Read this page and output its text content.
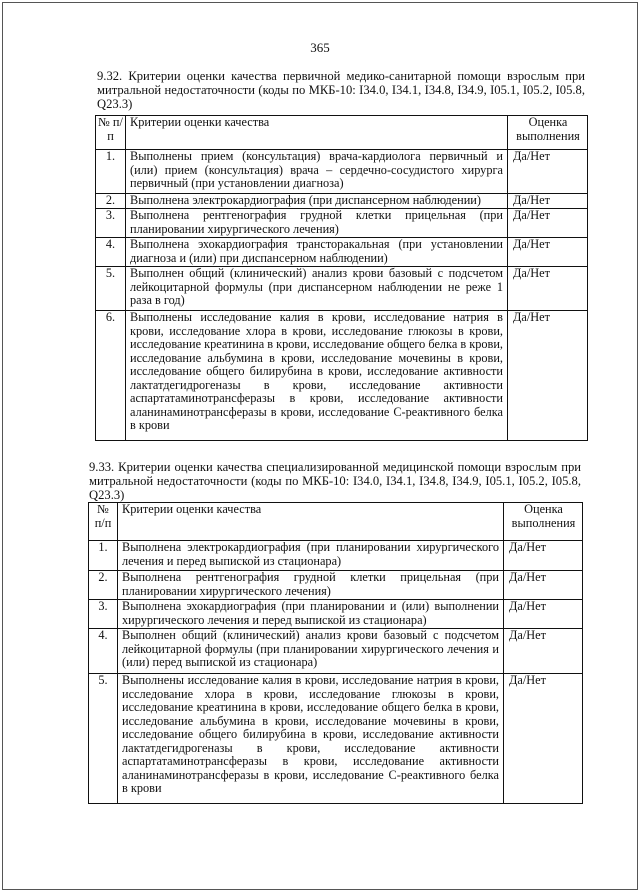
365

9.32. Критерии оценки качества первичной медико-санитарной помощи взрослым при митральной недостаточности (коды по МКБ-10: I34.0, I34.1, I34.8, I34.9, I05.1, I05.2, I05.8, Q23.3)

№ п/п	Критерии оценки качества	Оценка выполнения
1.	Выполнены прием (консультация) врача-кардиолога первичный и (или) прием (консультация) врача – сердечно-сосудистого хирурга первичный (при установлении диагноза)	Да/Нет
2.	Выполнена электрокардиография (при диспансерном наблюдении)	Да/Нет
3.	Выполнена рентгенография грудной клетки прицельная (при планировании хирургического лечения)	Да/Нет
4.	Выполнена эхокардиография трансторакальная (при установлении диагноза и (или) при диспансерном наблюдении)	Да/Нет
5.	Выполнен общий (клинический) анализ крови базовый с подсчетом лейкоцитарной формулы (при диспансерном наблюдении не реже 1 раза в год)	Да/Нет
6.	Выполнены исследование калия в крови, исследование натрия в крови, исследование хлора в крови, исследование глюкозы в крови, исследование креатинина в крови, исследование общего белка в крови, исследование альбумина в крови, исследование мочевины в крови, исследование общего билирубина в крови, исследование активности лактатдегидрогеназы в крови, исследование активности аспартатаминотрансферазы в крови, исследование активности аланинаминотрансферазы в крови, исследование С-реактивного белка в крови	Да/Нет

9.33. Критерии оценки качества специализированной медицинской помощи взрослым при митральной недостаточности (коды по МКБ-10: I34.0, I34.1, I34.8, I34.9, I05.1, I05.2, I05.8, Q23.3)

№ п/п	Критерии оценки качества	Оценка выполнения
1.	Выполнена электрокардиография (при планировании хирургического лечения и перед выпиской из стационара)	Да/Нет
2.	Выполнена рентгенография грудной клетки прицельная (при планировании хирургического лечения)	Да/Нет
3.	Выполнена эхокардиография (при планировании и (или) выполнении хирургического лечения и перед выпиской из стационара)	Да/Нет
4.	Выполнен общий (клинический) анализ крови базовый с подсчетом лейкоцитарной формулы (при планировании хирургического лечения и (или) перед выпиской из стационара)	Да/Нет
5.	Выполнены исследование калия в крови, исследование натрия в крови, исследование хлора в крови, исследование глюкозы в крови, исследование креатинина в крови, исследование общего белка в крови, исследование альбумина в крови, исследование мочевины в крови, исследование общего билирубина в крови, исследование активности лактатдегидрогеназы в крови, исследование активности аспартатаминотрансферазы в крови, исследование активности аланинаминотрансферазы в крови, исследование С-реактивного белка в крови	Да/Нет
